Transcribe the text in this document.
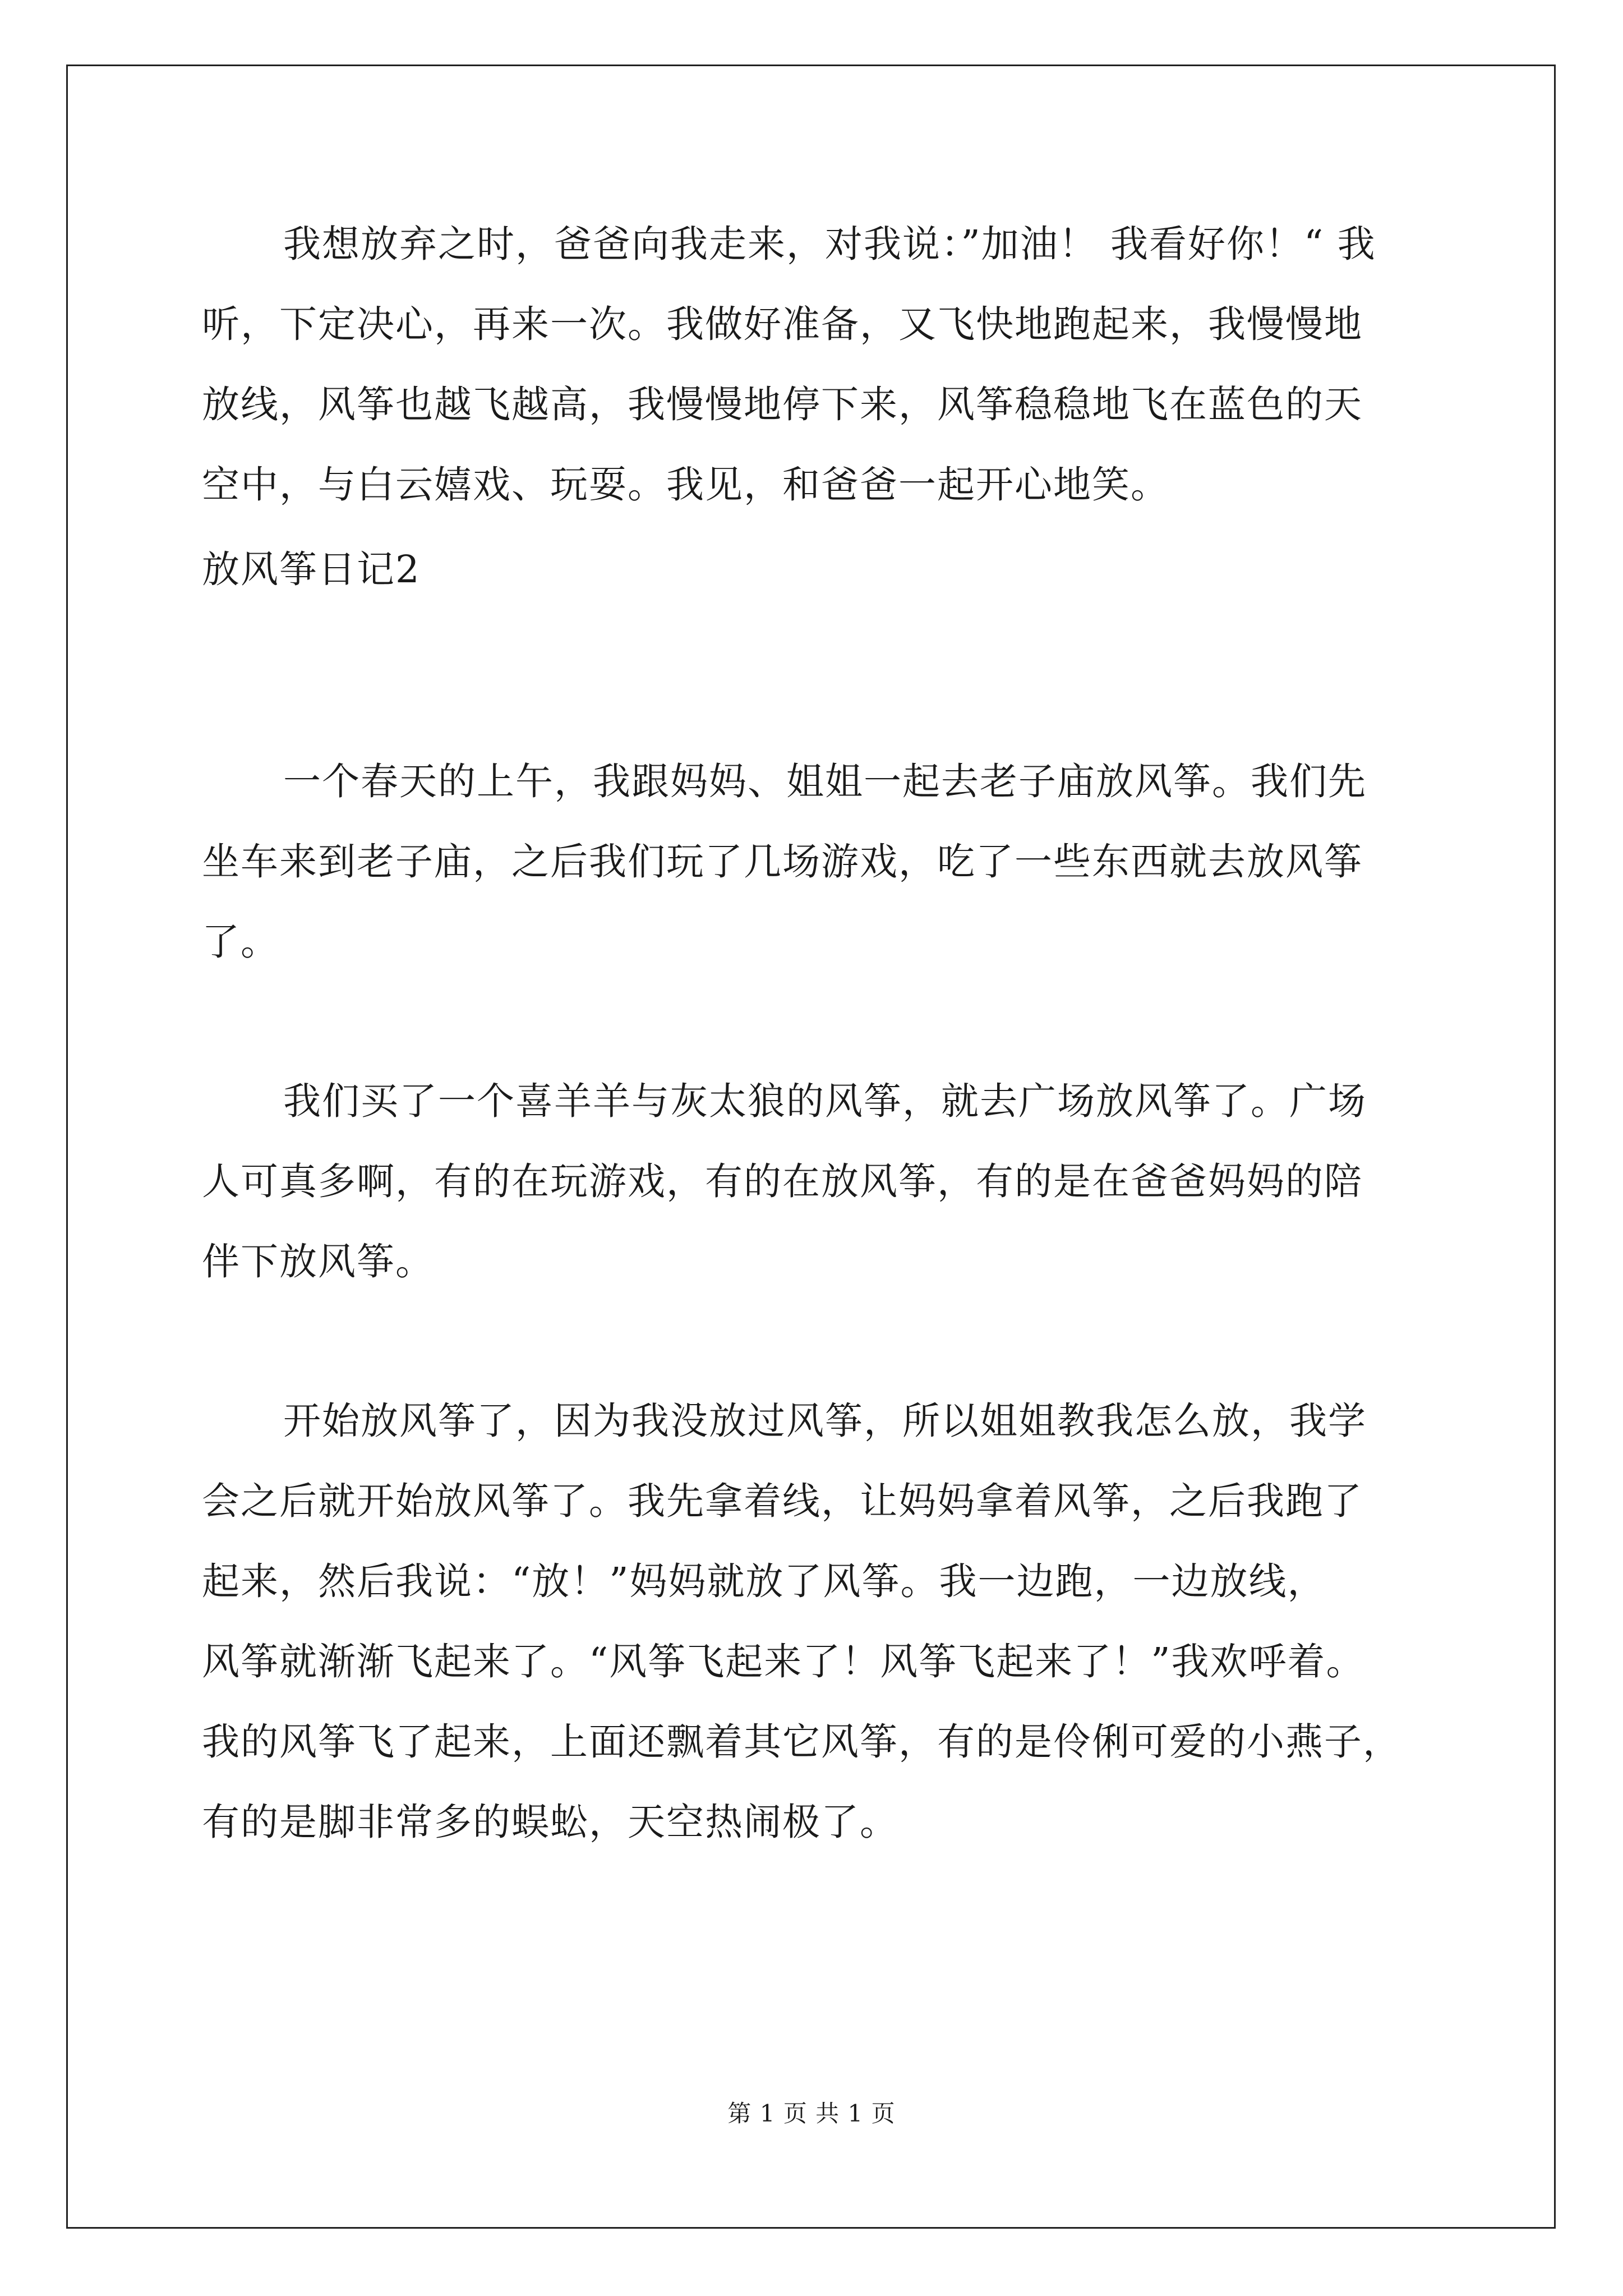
我想放弃之时，爸爸向我走来，对我说：”加油！ 我看好你！“ 我
听，下定决心，再来一次。我做好准备，又飞快地跑起来，我慢慢地
放线，风筝也越飞越高，我慢慢地停下来，风筝稳稳地飞在蓝色的天
空中，与白云嬉戏、玩耍。我见，和爸爸一起开心地笑。
放风筝日记2
一个春天的上午，我跟妈妈、姐姐一起去老子庙放风筝。我们先
坐车来到老子庙，之后我们玩了几场游戏，吃了一些东西就去放风筝
了。
我们买了一个喜羊羊与灰太狼的风筝，就去广场放风筝了。广场
人可真多啊，有的在玩游戏，有的在放风筝，有的是在爸爸妈妈的陪
伴下放风筝。
开始放风筝了，因为我没放过风筝，所以姐姐教我怎么放，我学
会之后就开始放风筝了。我先拿着线，让妈妈拿着风筝，之后我跑了
起来，然后我说：“放！”妈妈就放了风筝。我一边跑，一边放线，
风筝就渐渐飞起来了。“风筝飞起来了！风筝飞起来了！”我欢呼着。
我的风筝飞了起来，上面还飘着其它风筝，有的是伶俐可爱的小燕子，
有的是脚非常多的蜈蚣，天空热闹极了。
第 1 页 共 1 页
